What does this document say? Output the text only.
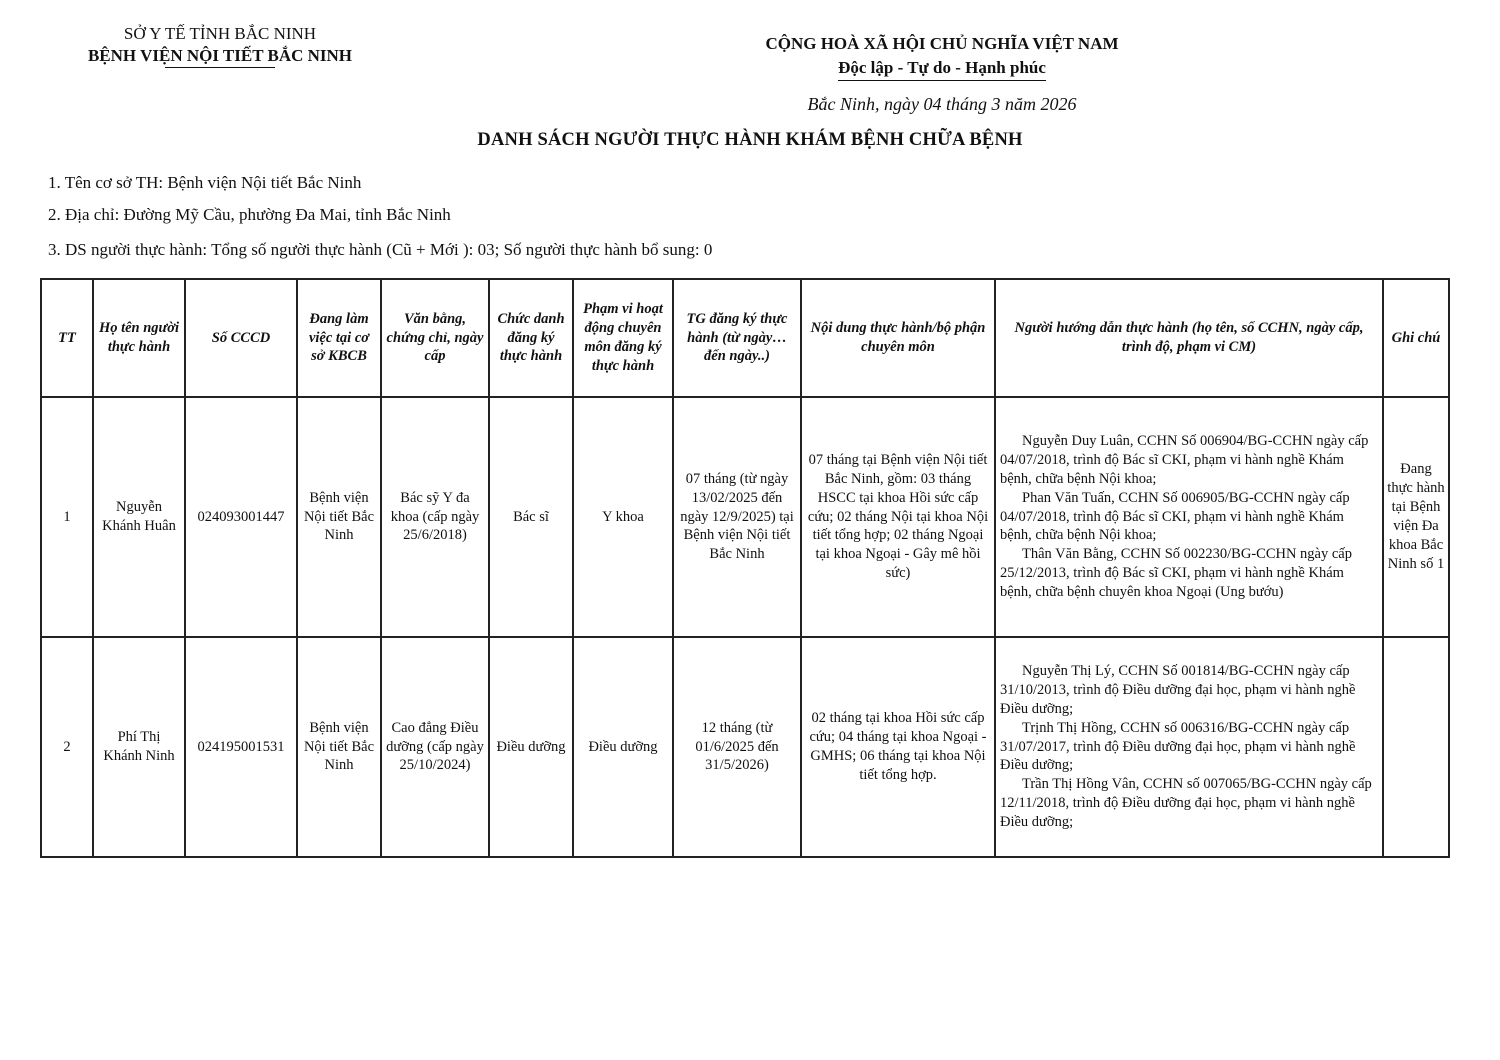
SỞ Y TẾ TỈNH BẮC NINH
BỆNH VIỆN NỘI TIẾT BẮC NINH
CỘNG HOÀ XÃ HỘI CHỦ NGHĨA VIỆT NAM
Độc lập - Tự do - Hạnh phúc
Bắc Ninh, ngày 04 tháng 3 năm 2026
DANH SÁCH NGƯỜI THỰC HÀNH KHÁM BỆNH CHỮA BỆNH
1. Tên cơ sở TH: Bệnh viện Nội tiết Bắc Ninh
2. Địa chỉ: Đường Mỹ Cầu, phường Đa Mai, tỉnh Bắc Ninh
3. DS người thực hành: Tổng số người thực hành (Cũ + Mới ): 03; Số người thực hành bổ sung: 0
TT	Họ tên người thực hành	Số CCCD	Đang làm việc tại cơ sở KBCB	Văn bằng, chứng chỉ, ngày cấp	Chức danh đăng ký thực hành	Phạm vi hoạt động chuyên môn đăng ký thực hành	TG đăng ký thực hành (từ ngày…đến ngày..)	Nội dung thực hành/bộ phận chuyên môn	Người hướng dẫn thực hành (họ tên, số CCHN, ngày cấp, trình độ, phạm vi CM)	Ghi chú
1	Nguyễn Khánh Huân	024093001447	Bệnh viện Nội tiết Bắc Ninh	Bác sỹ Y đa khoa (cấp ngày 25/6/2018)	Bác sĩ	Y khoa	07 tháng (từ ngày 13/02/2025 đến ngày 12/9/2025) tại Bệnh viện Nội tiết Bắc Ninh	07 tháng tại Bệnh viện Nội tiết Bắc Ninh, gồm: 03 tháng HSCC tại khoa Hồi sức cấp cứu; 02 tháng Nội tại khoa Nội tiết tổng hợp; 02 tháng Ngoại tại khoa Ngoại - Gây mê hồi sức)	Nguyễn Duy Luân, CCHN Số 006904/BG-CCHN ngày cấp 04/07/2018, trình độ Bác sĩ CKI, phạm vi hành nghề Khám bệnh, chữa bệnh Nội khoa;

Phan Văn Tuấn, CCHN Số 006905/BG-CCHN ngày cấp 04/07/2018, trình độ Bác sĩ CKI, phạm vi hành nghề Khám bệnh, chữa bệnh Nội khoa;

Thân Văn Bằng, CCHN Số 002230/BG-CCHN ngày cấp 25/12/2013, trình độ Bác sĩ CKI, phạm vi hành nghề Khám bệnh, chữa bệnh chuyên khoa Ngoại (Ung bướu)	Đang thực hành tại Bệnh viện Đa khoa Bắc Ninh số 1
2	Phí Thị Khánh Ninh	024195001531	Bệnh viện Nội tiết Bắc Ninh	Cao đẳng Điều dưỡng (cấp ngày 25/10/2024)	Điều dưỡng	Điều dưỡng	12 tháng (từ 01/6/2025 đến 31/5/2026)	02 tháng tại khoa Hồi sức cấp cứu; 04 tháng tại khoa Ngoại - GMHS; 06 tháng tại khoa Nội tiết tổng hợp.	Nguyễn Thị Lý, CCHN Số 001814/BG-CCHN ngày cấp 31/10/2013, trình độ Điều dưỡng đại học, phạm vi hành nghề Điều dưỡng;

Trịnh Thị Hồng, CCHN số 006316/BG-CCHN ngày cấp 31/07/2017, trình độ Điều dưỡng đại học, phạm vi hành nghề Điều dưỡng;

Trần Thị Hồng Vân, CCHN số 007065/BG-CCHN ngày cấp 12/11/2018, trình độ Điều dưỡng đại học, phạm vi hành nghề Điều dưỡng;	
